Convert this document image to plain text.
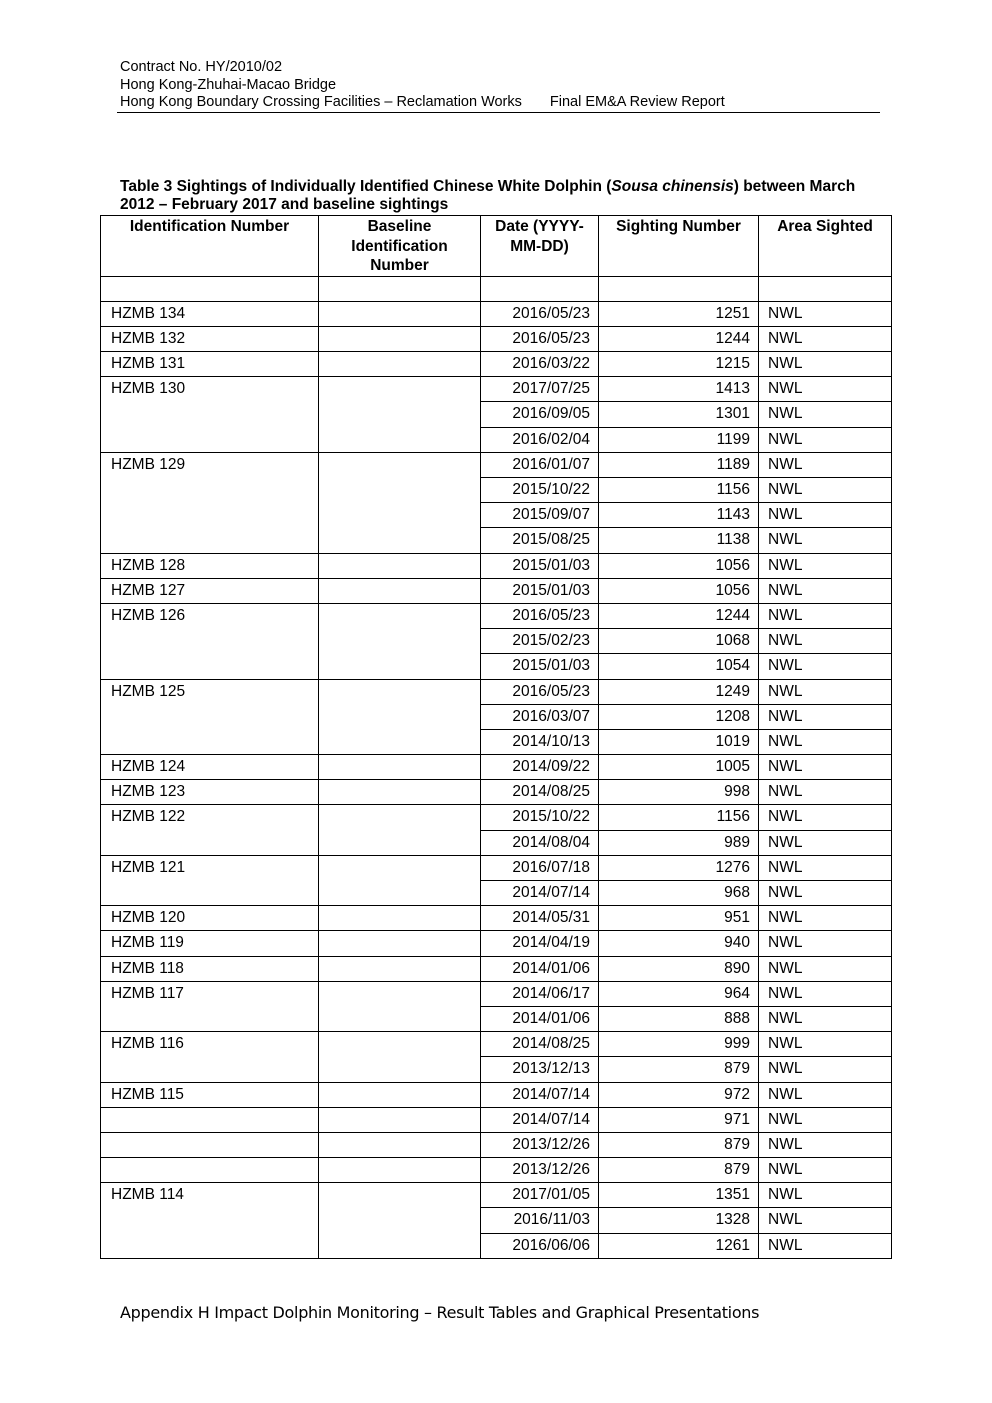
Contract No. HY/2010/02
Hong Kong-Zhuhai-Macao Bridge
Hong Kong Boundary Crossing Facilities – Reclamation Works Final EM&A Review Report
Table 3 Sightings of Individually Identified Chinese White Dolphin (Sousa chinensis) between March 2012 – February 2017 and baseline sightings
Identification Number	Baseline Identification Number	Date (YYYY-MM-DD)	Sighting Number	Area Sighted

HZMB 134		2016/05/23	1251	NWL
HZMB 132		2016/05/23	1244	NWL
HZMB 131		2016/03/22	1215	NWL
HZMB 130		2017/07/25	1413	NWL
		2016/09/05	1301	NWL
		2016/02/04	1199	NWL
HZMB 129		2016/01/07	1189	NWL
		2015/10/22	1156	NWL
		2015/09/07	1143	NWL
		2015/08/25	1138	NWL
HZMB 128		2015/01/03	1056	NWL
HZMB 127		2015/01/03	1056	NWL
HZMB 126		2016/05/23	1244	NWL
		2015/02/23	1068	NWL
		2015/01/03	1054	NWL
HZMB 125		2016/05/23	1249	NWL
		2016/03/07	1208	NWL
		2014/10/13	1019	NWL
HZMB 124		2014/09/22	1005	NWL
HZMB 123		2014/08/25	998	NWL
HZMB 122		2015/10/22	1156	NWL
		2014/08/04	989	NWL
HZMB 121		2016/07/18	1276	NWL
		2014/07/14	968	NWL
HZMB 120		2014/05/31	951	NWL
HZMB 119		2014/04/19	940	NWL
HZMB 118		2014/01/06	890	NWL
HZMB 117		2014/06/17	964	NWL
		2014/01/06	888	NWL
HZMB 116		2014/08/25	999	NWL
		2013/12/13	879	NWL
HZMB 115		2014/07/14	972	NWL
		2014/07/14	971	NWL
		2013/12/26	879	NWL
		2013/12/26	879	NWL
HZMB 114		2017/01/05	1351	NWL
		2016/11/03	1328	NWL
		2016/06/06	1261	NWL
Appendix H Impact Dolphin Monitoring – Result Tables and Graphical Presentations
